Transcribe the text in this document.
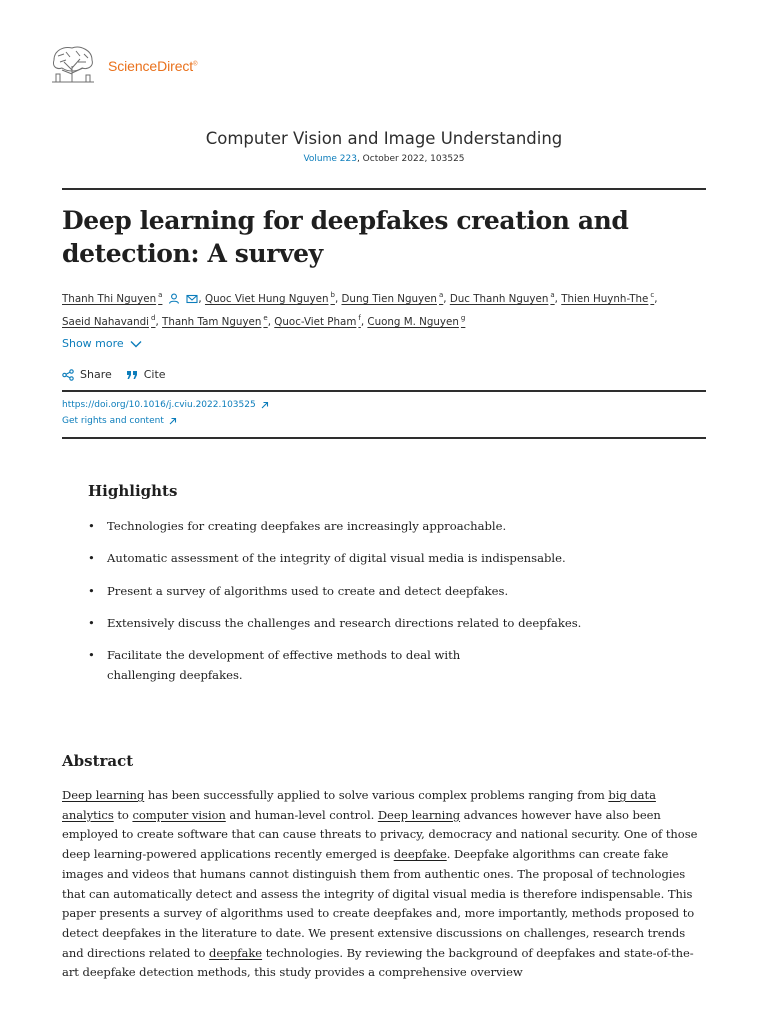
ScienceDirect®
Computer Vision and Image Understanding
Volume 223, October 2022, 103525
Deep learning for deepfakes creation and detection: A survey
Thanh Thi Nguyen $^a$	, Quoc Viet Hung Nguyen $^b$, Dung Tien Nguyen $^a$, Duc Thanh Nguyen $^a$, Thien Huynh-The $^c$,
Saeid Nahavandi $^d$, Thanh Tam Nguyen $^e$, Quoc-Viet Pham $^f$, Cuong M. Nguyen $^g$
Show more
Share	Cite
https://doi.org/10.1016/j.cviu.2022.103525
Get rights and content
Highlights
• Technologies for creating deepfakes are increasingly approachable.
• Automatic assessment of the integrity of digital visual media is indispensable.
• Present a survey of algorithms used to create and detect deepfakes.
• Extensively discuss the challenges and research directions related to deepfakes.
• Facilitate the development of effective methods to deal with challenging deepfakes.
Abstract

Deep learning has been successfully applied to solve various complex problems ranging from big data analytics to computer vision and human-level control. Deep learning advances however have also been employed to create software that can cause threats to privacy, democracy and national security. One of those deep learning-powered applications recently emerged is deepfake. Deepfake algorithms can create fake images and videos that humans cannot distinguish them from authentic ones. The proposal of technologies that can automatically detect and assess the integrity of digital visual media is therefore indispensable. This paper presents a survey of algorithms used to create deepfakes and, more importantly, methods proposed to detect deepfakes in the literature to date. We present extensive discussions on challenges, research trends and directions related to deepfake technologies. By reviewing the background of deepfakes and state-of-the-art deepfake detection methods, this study provides a comprehensive overview
